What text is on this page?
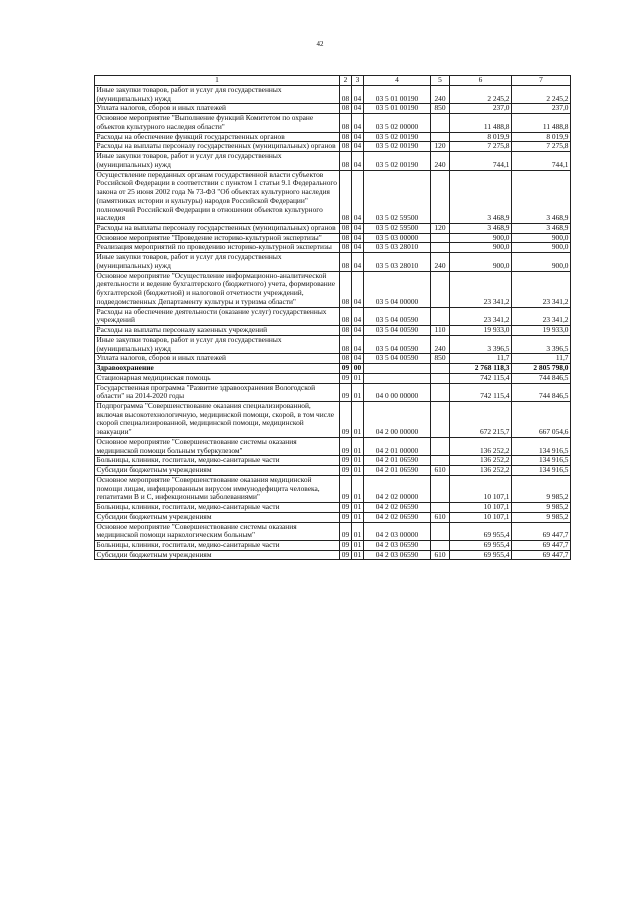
42
1	2	3	4	5	6	7
Иные закупки товаров, работ и услуг для государственных (муниципальных) нужд	08	04	03 5 01 00190	240	2 245,2	2 245,2
Уплата налогов, сборов и иных платежей	08	04	03 5 01 00190	850	237,0	237,0
Основное мероприятие "Выполнение функций Комитетом по охране объектов культурного наследия области"	08	04	03 5 02 00000		11 488,8	11 488,8
Расходы на обеспечение функций государственных органов	08	04	03 5 02 00190		8 019,9	8 019,9
Расходы на выплаты персоналу государственных (муниципальных) органов	08	04	03 5 02 00190	120	7 275,8	7 275,8
Иные закупки товаров, работ и услуг для государственных (муниципальных) нужд	08	04	03 5 02 00190	240	744,1	744,1
Осуществление переданных органам государственной власти субъектов Российской Федерации в соответствии с пунктом 1 статьи 9.1 Федерального закона от 25 июня 2002 года № 73-ФЗ "Об объектах культурного наследия (памятниках истории и культуры) народов Российской Федерации" полномочий Российской Федерации в отношении объектов культурного наследия	08	04	03 5 02 59500		3 468,9	3 468,9
Расходы на выплаты персоналу государственных (муниципальных) органов	08	04	03 5 02 59500	120	3 468,9	3 468,9
Основное мероприятие "Проведение историко-культурной экспертизы"	08	04	03 5 03 00000		900,0	900,0
Реализация мероприятий по проведению историко-культурной экспертизы	08	04	03 5 03 28010		900,0	900,0
Иные закупки товаров, работ и услуг для государственных (муниципальных) нужд	08	04	03 5 03 28010	240	900,0	900,0
Основное мероприятие "Осуществление информационно-аналитической деятельности и ведение бухгалтерского (бюджетного) учета, формирование бухгалтерской (бюджетной) и налоговой отчетности учреждений, подведомственных Департаменту культуры и туризма области"	08	04	03 5 04 00000		23 341,2	23 341,2
Расходы на обеспечение деятельности (оказание услуг) государственных учреждений	08	04	03 5 04 00590		23 341,2	23 341,2
Расходы на выплаты персоналу казенных учреждений	08	04	03 5 04 00590	110	19 933,0	19 933,0
Иные закупки товаров, работ и услуг для государственных (муниципальных) нужд	08	04	03 5 04 00590	240	3 396,5	3 396,5
Уплата налогов, сборов и иных платежей	08	04	03 5 04 00590	850	11,7	11,7
Здравоохранение	09	00			2 768 118,3	2 805 798,0
Стационарная медицинская помощь	09	01			742 115,4	744 846,5
Государственная программа "Развитие здравоохранения Вологодской области" на 2014-2020 годы	09	01	04 0 00 00000		742 115,4	744 846,5
Подпрограмма "Совершенствование оказания специализированной, включая высокотехнологичную, медицинской помощи, скорой, в том числе скорой специализированной, медицинской помощи, медицинской эвакуации"	09	01	04 2 00 00000		672 215,7	667 054,6
Основное мероприятие "Совершенствование системы оказания медицинской помощи больным туберкулезом"	09	01	04 2 01 00000		136 252,2	134 916,5
Больницы, клиники, госпитали, медико-санитарные части	09	01	04 2 01 06590		136 252,2	134 916,5
Субсидии бюджетным учреждениям	09	01	04 2 01 06590	610	136 252,2	134 916,5
Основное мероприятие "Совершенствование оказания медицинской помощи лицам, инфицированным вирусом иммунодефицита человека, гепатитами В и С, инфекционными заболеваниями"	09	01	04 2 02 00000		10 107,1	9 985,2
Больницы, клиники, госпитали, медико-санитарные части	09	01	04 2 02 06590		10 107,1	9 985,2
Субсидии бюджетным учреждениям	09	01	04 2 02 06590	610	10 107,1	9 985,2
Основное мероприятие "Совершенствование системы оказания медицинской помощи наркологическим больным"	09	01	04 2 03 00000		69 955,4	69 447,7
Больницы, клиники, госпитали, медико-санитарные части	09	01	04 2 03 06590		69 955,4	69 447,7
Субсидии бюджетным учреждениям	09	01	04 2 03 06590	610	69 955,4	69 447,7
